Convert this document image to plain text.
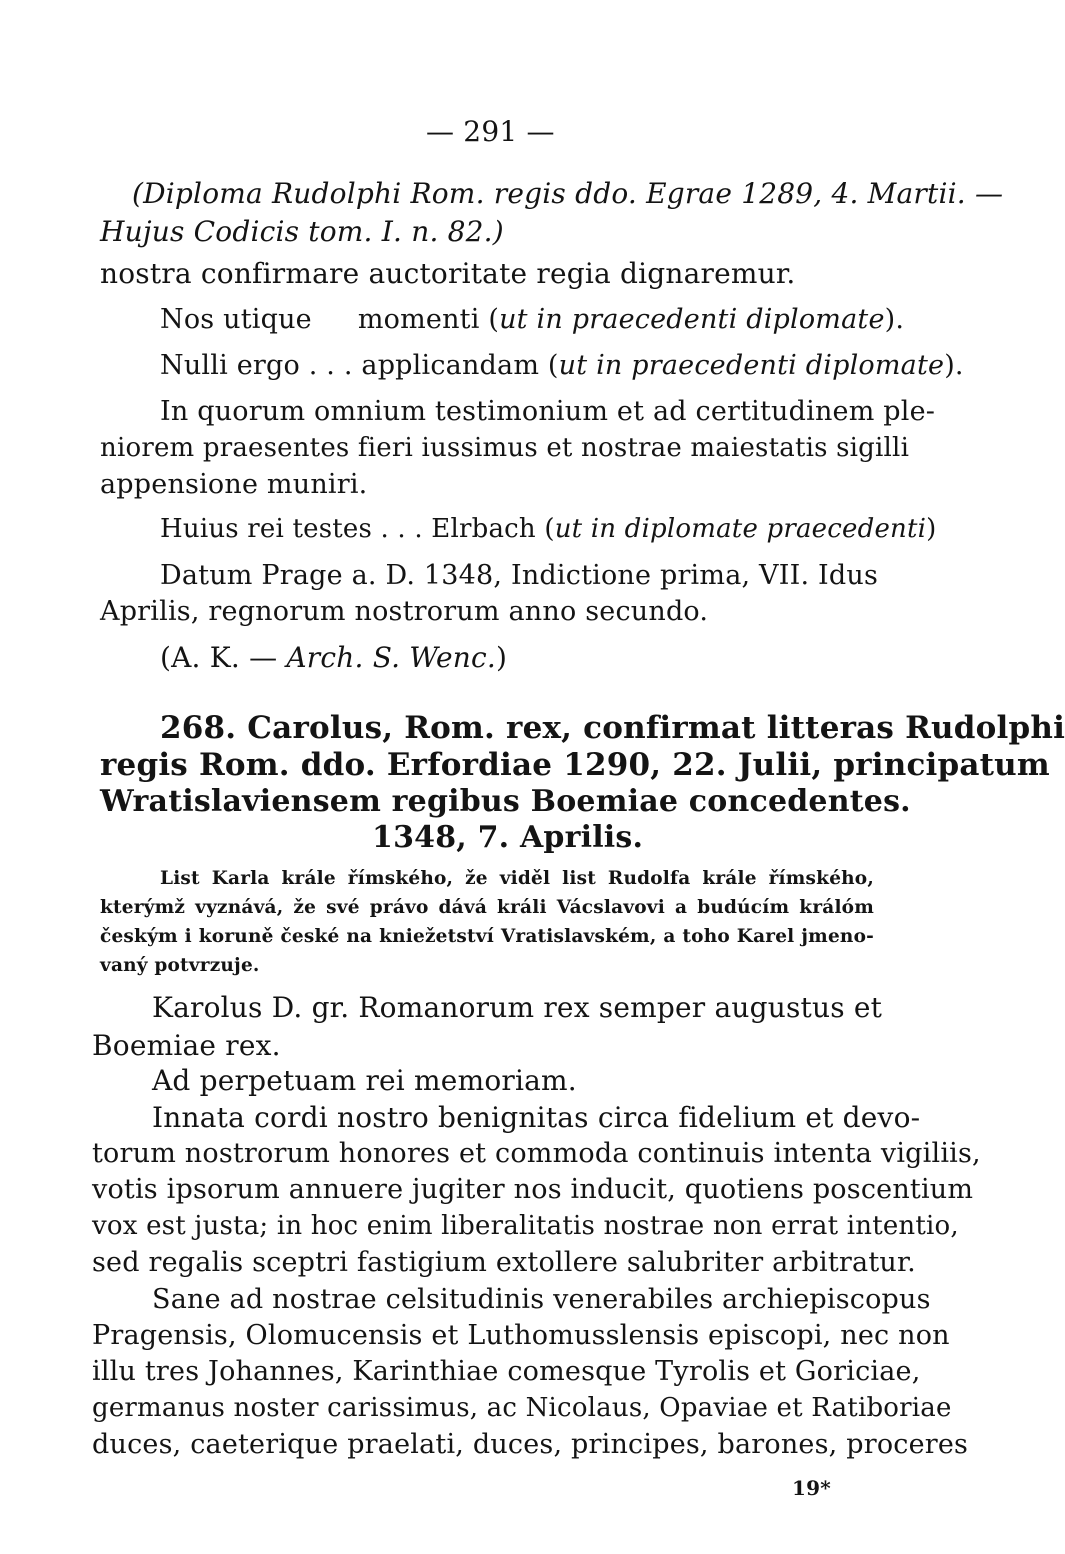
— 291 —
(Diploma Rudolphi Rom. regis ddo. Egrae 1289, 4. Martii. —
Hujus Codicis tom. I. n. 82.)
nostra confirmare auctoritate regia dignaremur.
Nos utique momenti (ut in praecedenti diplomate).
Nulli ergo . . . applicandam (ut in praecedenti diplomate).
In quorum omnium testimonium et ad certitudinem ple-
niorem praesentes fieri iussimus et nostrae maiestatis sigilli
appensione muniri.
Huius rei testes . . . Elrbach (ut in diplomate praecedenti)
Datum Prage a. D. 1348, Indictione prima, VII. Idus
Aprilis, regnorum nostrorum anno secundo.
(A. K. — Arch. S. Wenc.)
268. Carolus, Rom. rex, confirmat litteras Rudolphi
regis Rom. ddo. Erfordiae 1290, 22. Julii, principatum
Wratislaviensem regibus Boemiae concedentes.
1348, 7. Aprilis.
List Karla krále římského, že viděl list Rudolfa krále římského,
kterýmž vyznává, že své právo dává králi Vácslavovi a budúcím králóm
českým i koruně české na kniežetství Vratislavském, a toho Karel jmeno-
vaný potvrzuje.
Karolus D. gr. Romanorum rex semper augustus et
Boemiae rex.
Ad perpetuam rei memoriam.
Innata cordi nostro benignitas circa fidelium et devo-
torum nostrorum honores et commoda continuis intenta vigiliis,
votis ipsorum annuere jugiter nos inducit, quotiens poscentium
vox est justa; in hoc enim liberalitatis nostrae non errat intentio,
sed regalis sceptri fastigium extollere salubriter arbitratur.
Sane ad nostrae celsitudinis venerabiles archiepiscopus
Pragensis, Olomucensis et Luthomusslensis episcopi, nec non
illu tres Johannes, Karinthiae comesque Tyrolis et Goriciae,
germanus noster carissimus, ac Nicolaus, Opaviae et Ratiboriae
duces, caeterique praelati, duces, principes, barones, proceres
19*
